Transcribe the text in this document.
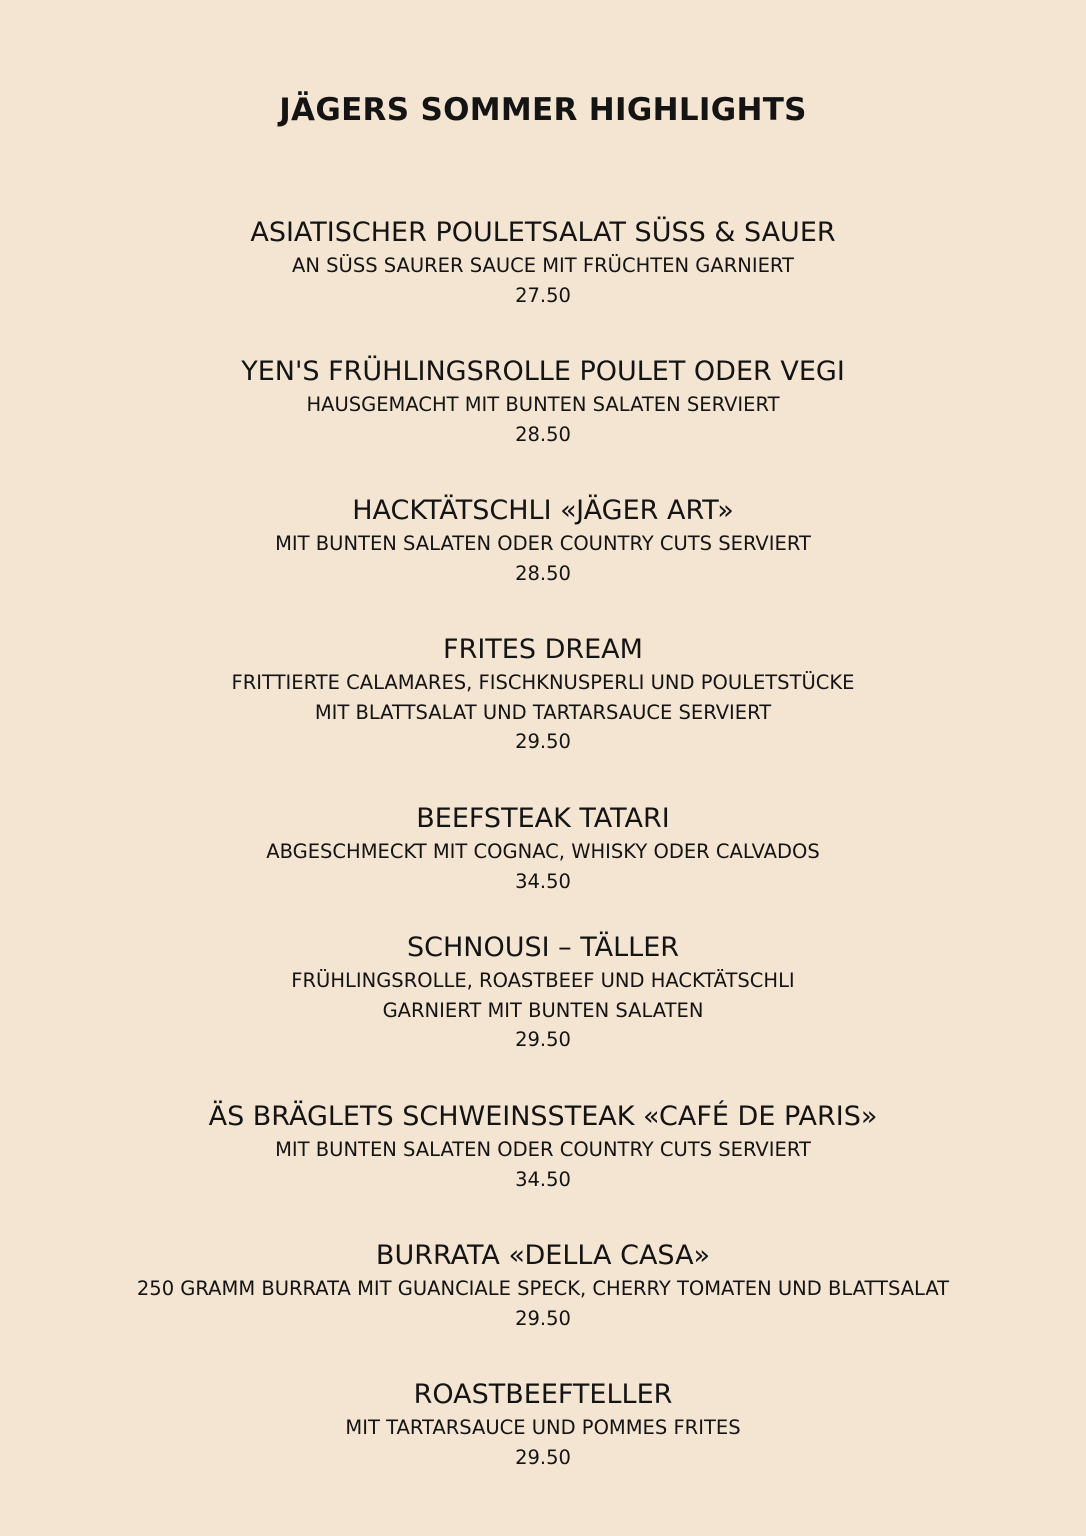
JÄGERS SOMMER HIGHLIGHTS
ASIATISCHER POULETSALAT SÜSS & SAUER
AN SÜSS SAURER SAUCE MIT FRÜCHTEN GARNIERT
27.50
YEN'S FRÜHLINGSROLLE POULET ODER VEGI
HAUSGEMACHT MIT BUNTEN SALATEN SERVIERT
28.50
HACKTÄTSCHLI «JÄGER ART»
MIT BUNTEN SALATEN ODER COUNTRY CUTS SERVIERT
28.50
FRITES DREAM
FRITTIERTE CALAMARES, FISCHKNUSPERLI UND POULETSTÜCKE
MIT BLATTSALAT UND TARTARSAUCE SERVIERT
29.50
BEEFSTEAK TATARI
ABGESCHMECKT MIT COGNAC, WHISKY ODER CALVADOS
34.50
SCHNOUSI – TÄLLER
FRÜHLINGSROLLE, ROASTBEEF UND HACKTÄTSCHLI
GARNIERT MIT BUNTEN SALATEN
29.50
ÄS BRÄGLETS SCHWEINSSTEAK «CAFÉ DE PARIS»
MIT BUNTEN SALATEN ODER COUNTRY CUTS SERVIERT
34.50
BURRATA «DELLA CASA»
250 GRAMM BURRATA MIT GUANCIALE SPECK, CHERRY TOMATEN UND BLATTSALAT
29.50
ROASTBEEFTELLER
MIT TARTARSAUCE UND POMMES FRITES
29.50
